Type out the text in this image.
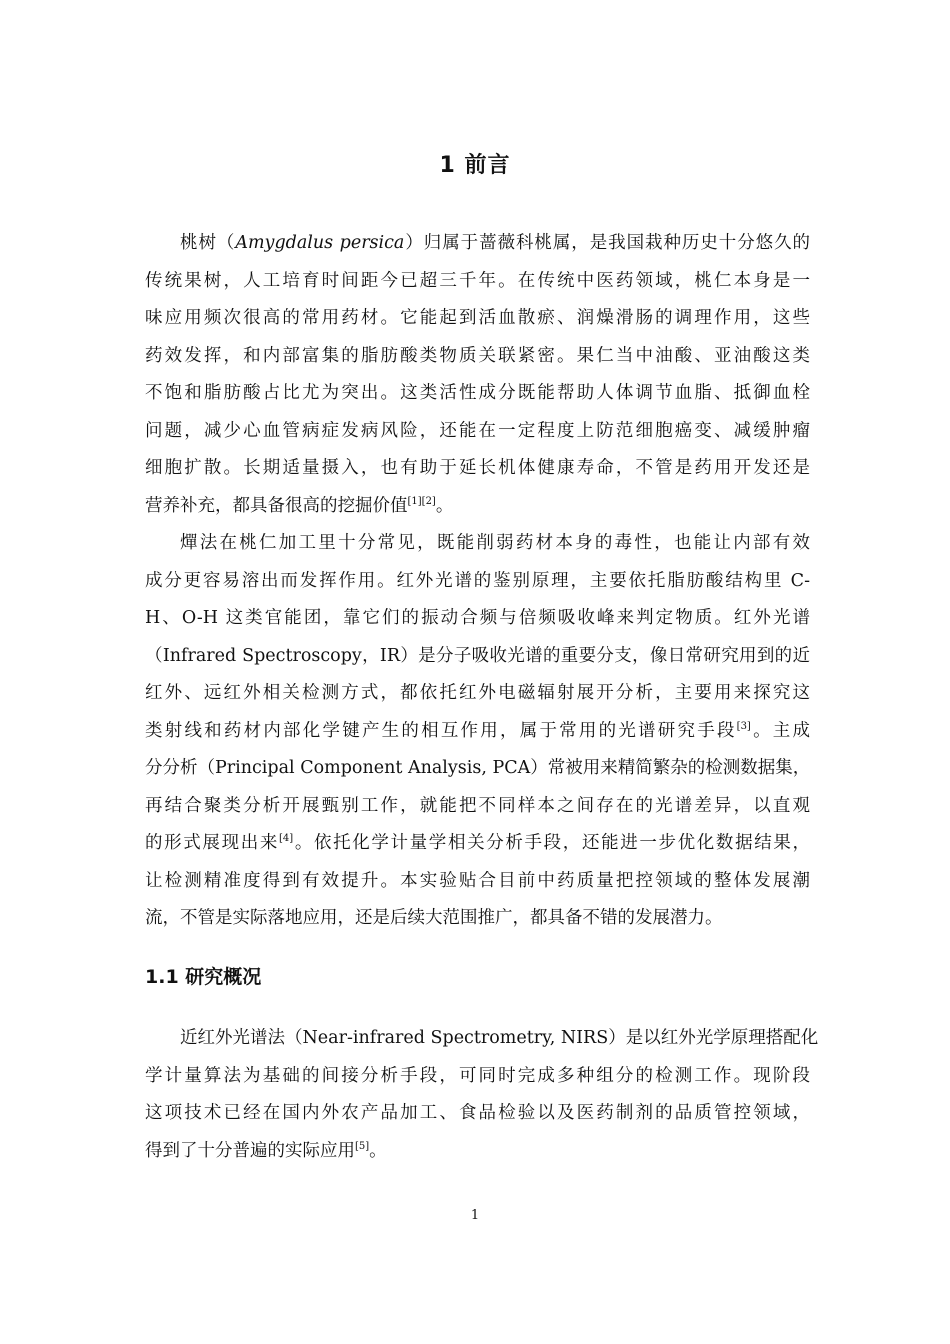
1 前言
桃树（Amygdalus persica）归属于蔷薇科桃属，是我国栽种历史十分悠久的
传统果树，人工培育时间距今已超三千年。在传统中医药领域，桃仁本身是一
味应用频次很高的常用药材。它能起到活血散瘀、润燥滑肠的调理作用，这些
药效发挥，和内部富集的脂肪酸类物质关联紧密。果仁当中油酸、亚油酸这类
不饱和脂肪酸占比尤为突出。这类活性成分既能帮助人体调节血脂、抵御血栓
问题，减少心血管病症发病风险，还能在一定程度上防范细胞癌变、减缓肿瘤
细胞扩散。长期适量摄入，也有助于延长机体健康寿命，不管是药用开发还是
营养补充，都具备很高的挖掘价值[1][2]。
燀法在桃仁加工里十分常见，既能削弱药材本身的毒性，也能让内部有效
成分更容易溶出而发挥作用。红外光谱的鉴别原理，主要依托脂肪酸结构里 C-
H、O-H 这类官能团，靠它们的振动合频与倍频吸收峰来判定物质。红外光谱
（Infrared Spectroscopy，IR）是分子吸收光谱的重要分支，像日常研究用到的近
红外、远红外相关检测方式，都依托红外电磁辐射展开分析，主要用来探究这
类射线和药材内部化学键产生的相互作用，属于常用的光谱研究手段[3]。主成
分分析（Principal Component Analysis, PCA）常被用来精简繁杂的检测数据集，
再结合聚类分析开展甄别工作，就能把不同样本之间存在的光谱差异，以直观
的形式展现出来[4]。依托化学计量学相关分析手段，还能进一步优化数据结果，
让检测精准度得到有效提升。本实验贴合目前中药质量把控领域的整体发展潮
流，不管是实际落地应用，还是后续大范围推广，都具备不错的发展潜力。
1.1 研究概况
近红外光谱法（Near-infrared Spectrometry, NIRS）是以红外光学原理搭配化
学计量算法为基础的间接分析手段，可同时完成多种组分的检测工作。现阶段
这项技术已经在国内外农产品加工、食品检验以及医药制剂的品质管控领域，
得到了十分普遍的实际应用[5]。
1
